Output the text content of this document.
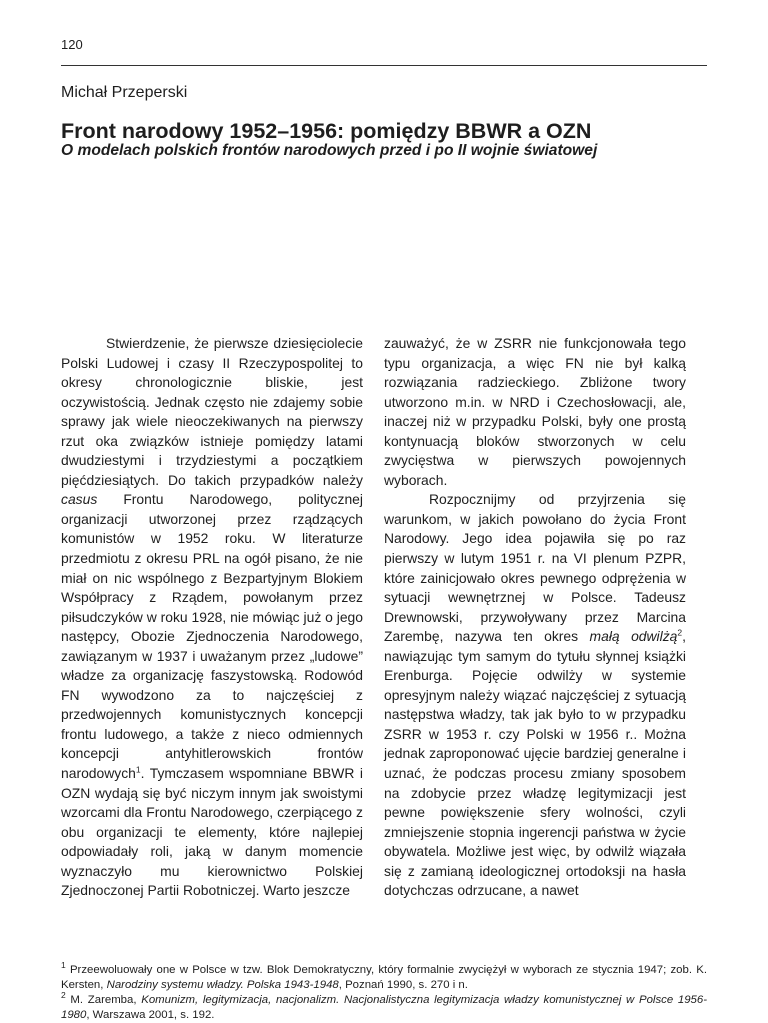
120
Michał Przeperski
Front narodowy 1952–1956: pomiędzy BBWR a OZN
O modelach polskich frontów narodowych przed i po II wojnie światowej

Stwierdzenie, że pierwsze dziesięciolecie Polski Ludowej i czasy II Rzeczypospolitej to okresy chronologicznie bliskie, jest oczywistością. Jednak często nie zdajemy sobie sprawy jak wiele nieoczekiwanych na pierwszy rzut oka związków istnieje pomiędzy latami dwudziestymi i trzydziestymi a początkiem pięćdziesiątych. Do takich przypadków należy casus Frontu Narodowego, politycznej organizacji utworzonej przez rządzących komunistów w 1952 roku. W literaturze przedmiotu z okresu PRL na ogół pisano, że nie miał on nic wspólnego z Bezpartyjnym Blokiem Współpracy z Rządem, powołanym przez piłsudczyków w roku 1928, nie mówiąc już o jego następcy, Obozie Zjednoczenia Narodowego, zawiązanym w 1937 i uważanym przez „ludowe” władze za organizację faszystowską. Rodowód FN wywodzono za to najczęściej z przedwojennych komunistycznych koncepcji frontu ludowego, a także z nieco odmiennych koncepcji antyhitlerowskich frontów narodowych$^1$. Tymczasem wspomniane BBWR i OZN wydają się być niczym innym jak swoistymi wzorcami dla Frontu Narodowego, czerpiącego z obu organizacji te elementy, które najlepiej odpowiadały roli, jaką w danym momencie wyznaczyło mu kierownictwo Polskiej Zjednoczonej Partii Robotniczej. Warto jeszcze

zauważyć, że w ZSRR nie funkcjonowała tego typu organizacja, a więc FN nie był kalką rozwiązania radzieckiego. Zbliżone twory utworzono m.in. w NRD i Czechosłowacji, ale, inaczej niż w przypadku Polski, były one prostą kontynuacją bloków stworzonych w celu zwycięstwa w pierwszych powojennych wyborach.

Rozpocznijmy od przyjrzenia się warunkom, w jakich powołano do życia Front Narodowy. Jego idea pojawiła się po raz pierwszy w lutym 1951 r. na VI plenum PZPR, które zainicjowało okres pewnego odprężenia w sytuacji wewnętrznej w Polsce. Tadeusz Drewnowski, przywoływany przez Marcina Zarembę, nazywa ten okres małą odwilżą$^2$, nawiązując tym samym do tytułu słynnej książki Erenburga. Pojęcie odwilży w systemie opresyjnym należy wiązać najczęściej z sytuacją następstwa władzy, tak jak było to w przypadku ZSRR w 1953 r. czy Polski w 1956 r.. Można jednak zaproponować ujęcie bardziej generalne i uznać, że podczas procesu zmiany sposobem na zdobycie przez władzę legitymizacji jest pewne powiększenie sfery wolności, czyli zmniejszenie stopnia ingerencji państwa w życie obywatela. Możliwe jest więc, by odwilż wiązała się z zamianą ideologicznej ortodoksji na hasła dotychczas odrzucane, a nawet

$^1$ Przeewoluowały one w Polsce w tzw. Blok Demokratyczny, który formalnie zwyciężył w wyborach ze stycznia 1947; zob. K. Kersten, Narodziny systemu władzy. Polska 1943-1948, Poznań 1990, s. 270 i n.

$^2$ M. Zaremba, Komunizm, legitymizacja, nacjonalizm. Nacjonalistyczna legitymizacja władzy komunistycznej w Polsce 1956-1980, Warszawa 2001, s. 192.
